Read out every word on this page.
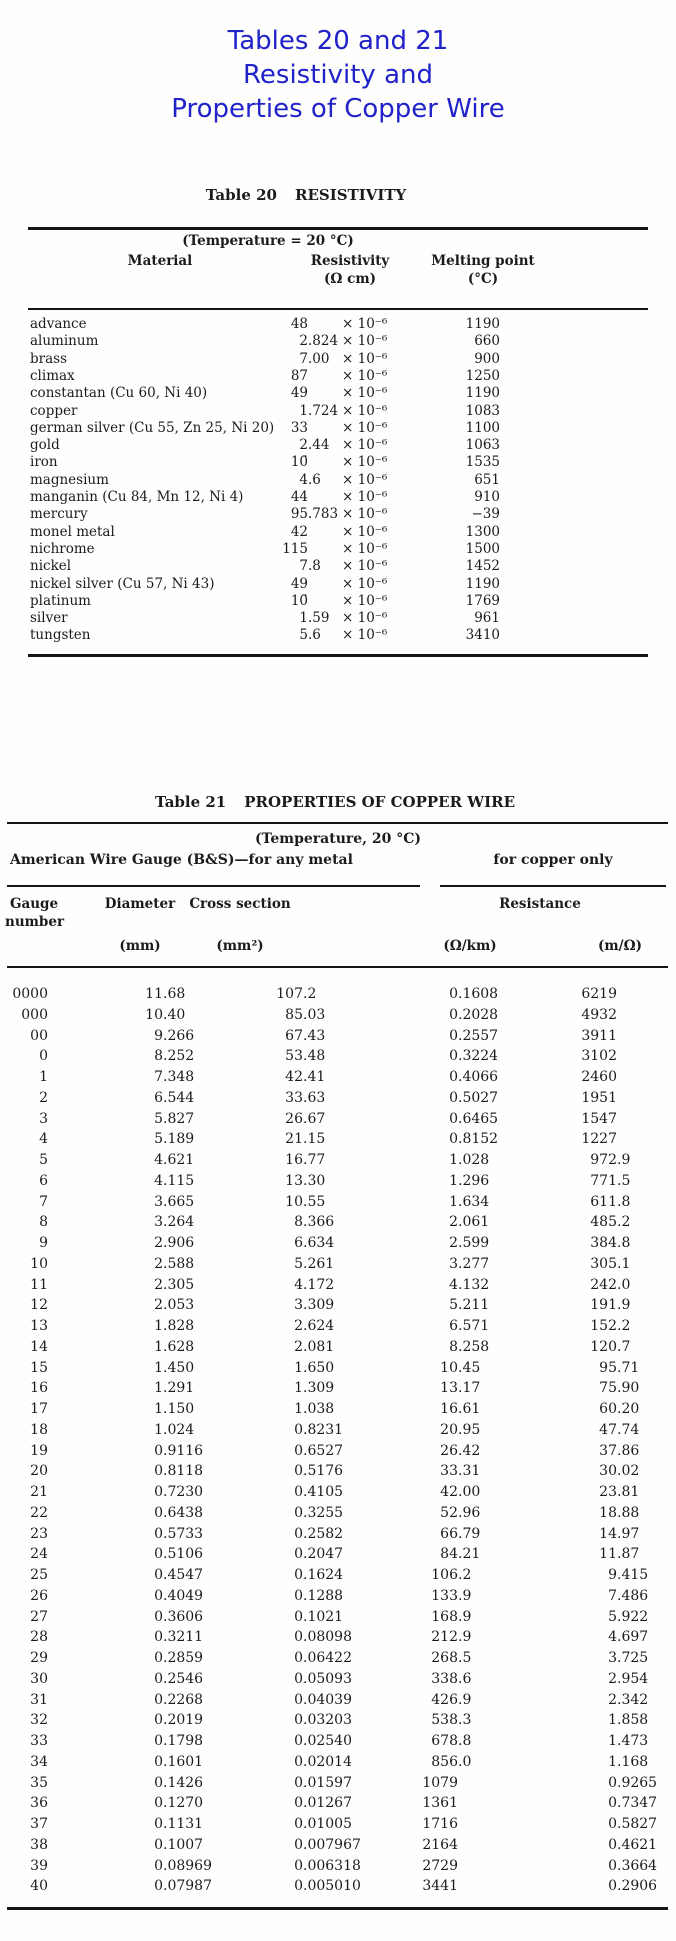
Tables 20 and 21
Resistivity and
Properties of Copper Wire
Table 20 RESISTIVITY
(Temperature = 20 °C)
Material	Resistivity
(Ω cm)
Melting point
(°C)
advance	48	× 10⁻⁶	1190
aluminum	2 .824 × 10⁻⁶	660
brass	7 .00 × 10⁻⁶	900
climax	87	× 10⁻⁶	1250
constantan (Cu 60, Ni 40)	49	× 10⁻⁶	1190
copper	1 .724 × 10⁻⁶	1083
german silver (Cu 55, Zn 25, Ni 20)	33	× 10⁻⁶	1100
gold	2 .44 × 10⁻⁶	1063
iron	10̄	× 10⁻⁶	1535
magnesium	4 .6	× 10⁻⁶	651
manganin (Cu 84, Mn 12, Ni 4)	44	× 10⁻⁶	910
mercury	95 .783 × 10⁻⁶	−39
monel metal	42	× 10⁻⁶	1300
nichrome	115	× 10⁻⁶	1500
nickel	7 .8	× 10⁻⁶	1452
nickel silver (Cu 57, Ni 43)	49	× 10⁻⁶	1190
platinum	10̄	× 10⁻⁶	1769
silver	1 .59 × 10⁻⁶	961
tungsten	5 .6	× 10⁻⁶	3410
Table 21 PROPERTIES OF COPPER WIRE
(Temperature, 20 °C)
American Wire Gauge (B&S)—for any metal	for copper only
Gauge
number
Diameter	Cross section	Resistance
(mm)	(mm²)	(Ω/km)	(m/Ω)
0000	11 .68	107 .2	0 .1608	6219
000	10 .40	85 .03	0 .2028	4932
00	9 .266	67 .43	0 .2557	3911
0	8 .252	53 .48	0 .3224	3102
1	7 .348	42 .41	0 .4066	2460
2	6 .544	33 .63	0 .5027	1951
3	5 .827	26 .67	0 .6465	1547
4	5 .189	21 .15	0 .8152	1227
5	4 .621	16 .77	1 .028	972 .9
6	4 .115	13 .30	1 .296	771 .5
7	3 .665	10 .55	1 .634	611 .8
8	3 .264	8 .366	2 .061	485 .2
9	2 .906	6 .634	2 .599	384 .8
10	2 .588	5 .261	3 .277	305 .1
11	2 .305	4 .172	4 .132	242 .0
12	2 .053	3 .309	5 .211	191 .9
13	1 .828	2 .624	6 .571	152 .2
14	1 .628	2 .081	8 .258	120 .7
15	1 .450	1 .650	10 .45	95 .71
16	1 .291	1 .309	13 .17	75 .90
17	1 .150	1 .038	16 .61	60 .20
18	1 .024	0 .8231	20 .95	47 .74
19	0 .9116	0 .6527	26 .42	37 .86
20	0 .8118	0 .5176	33 .31	30 .02
21	0 .7230	0 .4105	42 .00	23 .81
22	0 .6438	0 .3255	52 .96	18 .88
23	0 .5733	0 .2582	66 .79	14 .97
24	0 .5106	0 .2047	84 .21	11 .87
25	0 .4547	0 .1624	106 .2	9 .415
26	0 .4049	0 .1288	133 .9	7 .486
27	0 .3606	0 .1021	168 .9	5 .922
28	0 .3211	0 .08098	212 .9	4 .697
29	0 .2859	0 .06422	268 .5	3 .725
30	0 .2546	0 .05093	338 .6	2 .954
31	0 .2268	0 .04039	426 .9	2 .342
32	0 .2019	0 .03203	538 .3	1 .858
33	0 .1798	0 .02540	678 .8	1 .473
34	0 .1601	0 .02014	856 .0	1 .168
35	0 .1426	0 .01597	1079	0 .9265
36	0 .1270	0 .01267	1361	0 .7347
37	0 .1131	0 .01005	1716	0 .5827
38	0 .1007	0 .007967	2164	0 .4621
39	0 .08969	0 .006318	2729	0 .3664
40	0 .07987	0 .005010	3441	0 .2906
